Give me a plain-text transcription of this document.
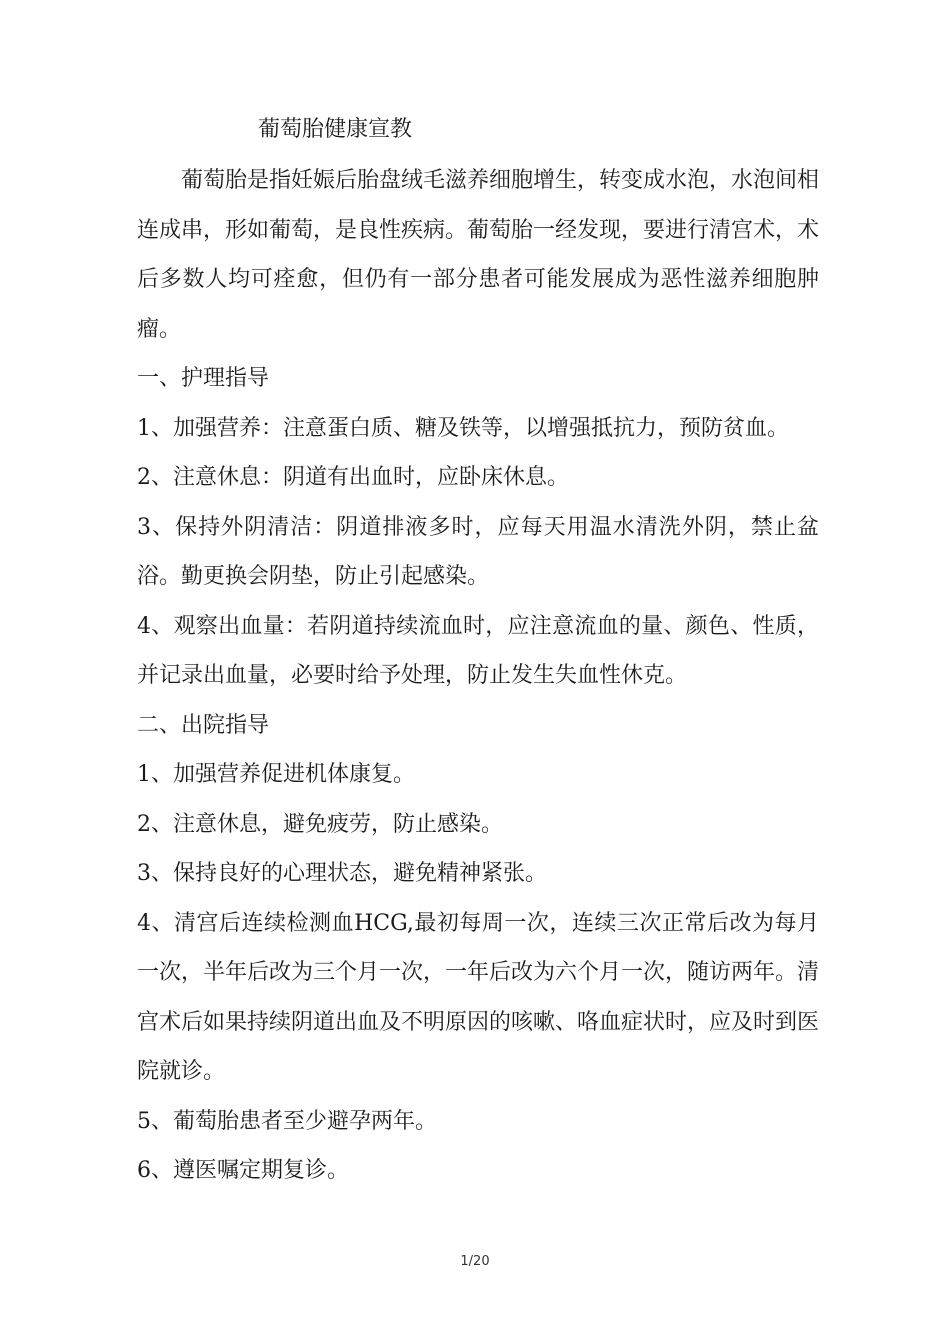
葡萄胎健康宣教

葡萄胎是指妊娠后胎盘绒毛滋养细胞增生，转变成水泡，水泡间相连成串，形如葡萄，是良性疾病。葡萄胎一经发现，要进行清宫术，术后多数人均可痊愈，但仍有一部分患者可能发展成为恶性滋养细胞肿瘤。

一、护理指导

1、加强营养：注意蛋白质、糖及铁等，以增强抵抗力，预防贫血。

2、注意休息：阴道有出血时，应卧床休息。

3、保持外阴清洁：阴道排液多时，应每天用温水清洗外阴，禁止盆浴。勤更换会阴垫，防止引起感染。

4、观察出血量：若阴道持续流血时，应注意流血的量、颜色、性质，并记录出血量，必要时给予处理，防止发生失血性休克。

二、出院指导

1、加强营养促进机体康复。

2、注意休息，避免疲劳，防止感染。

3、保持良好的心理状态，避免精神紧张。

4、清宫后连续检测血HCG,最初每周一次，连续三次正常后改为每月一次，半年后改为三个月一次，一年后改为六个月一次，随访两年。清宫术后如果持续阴道出血及不明原因的咳嗽、咯血症状时，应及时到医院就诊。

5、葡萄胎患者至少避孕两年。

6、遵医嘱定期复诊。

1/20
